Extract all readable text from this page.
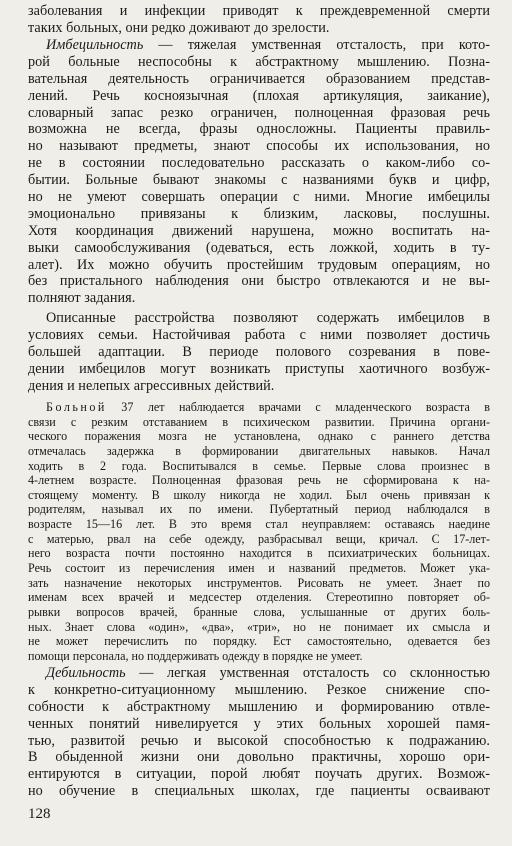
заболевания и инфекции приводят к преждевременной смерти
таких больных, они редко доживают до зрелости.
Имбецильность — тяжелая умственная отсталость, при кото-
рой больные неспособны к абстрактному мышлению. Позна-
вательная деятельность ограничивается образованием представ-
лений. Речь косноязычная (плохая артикуляция, заикание),
словарный запас резко ограничен, полноценная фразовая речь
возможна не всегда, фразы односложны. Пациенты правиль-
но называют предметы, знают способы их использования, но
не в состоянии последовательно рассказать о каком-либо со-
бытии. Больные бывают знакомы с названиями букв и цифр,
но не умеют совершать операции с ними. Многие имбецилы
эмоционально привязаны к близким, ласковы, послушны.
Хотя координация движений нарушена, можно воспитать на-
выки самообслуживания (одеваться, есть ложкой, ходить в ту-
алет). Их можно обучить простейшим трудовым операциям, но
без пристального наблюдения они быстро отвлекаются и не вы-
полняют задания.
Описанные расстройства позволяют содержать имбецилов в
условиях семьи. Настойчивая работа с ними позволяет достичь
большей адаптации. В периоде полового созревания в пове-
дении имбецилов могут возникать приступы хаотичного возбуж-
дения и нелепых агрессивных действий.
Больной 37 лет наблюдается врачами с младенческого возраста в
связи с резким отставанием в психическом развитии. Причина органи-
ческого поражения мозга не установлена, однако с раннего детства
отмечалась задержка в формировании двигательных навыков. Начал
ходить в 2 года. Воспитывался в семье. Первые слова произнес в
4-летнем возрасте. Полноценная фразовая речь не сформирована к на-
стоящему моменту. В школу никогда не ходил. Был очень привязан к
родителям, называл их по имени. Пубертатный период наблюдался в
возрасте 15—16 лет. В это время стал неуправляем: оставаясь наедине
с матерью, рвал на себе одежду, разбрасывал вещи, кричал. С 17-лет-
него возраста почти постоянно находится в психиатрических больницах.
Речь состоит из перечисления имен и названий предметов. Может ука-
зать назначение некоторых инструментов. Рисовать не умеет. Знает по
именам всех врачей и медсестер отделения. Стереотипно повторяет об-
рывки вопросов врачей, бранные слова, услышанные от других боль-
ных. Знает слова «один», «два», «три», но не понимает их смысла и
не может перечислить по порядку. Ест самостоятельно, одевается без
помощи персонала, но поддерживать одежду в порядке не умеет.
Дебильность — легкая умственная отсталость со склонностью
к конкретно-ситуационному мышлению. Резкое снижение спо-
собности к абстрактному мышлению и формированию отвле-
ченных понятий нивелируется у этих больных хорошей памя-
тью, развитой речью и высокой способностью к подражанию.
В обыденной жизни они довольно практичны, хорошо ори-
ентируются в ситуации, порой любят поучать других. Возмож-
но обучение в специальных школах, где пациенты осваивают
128
